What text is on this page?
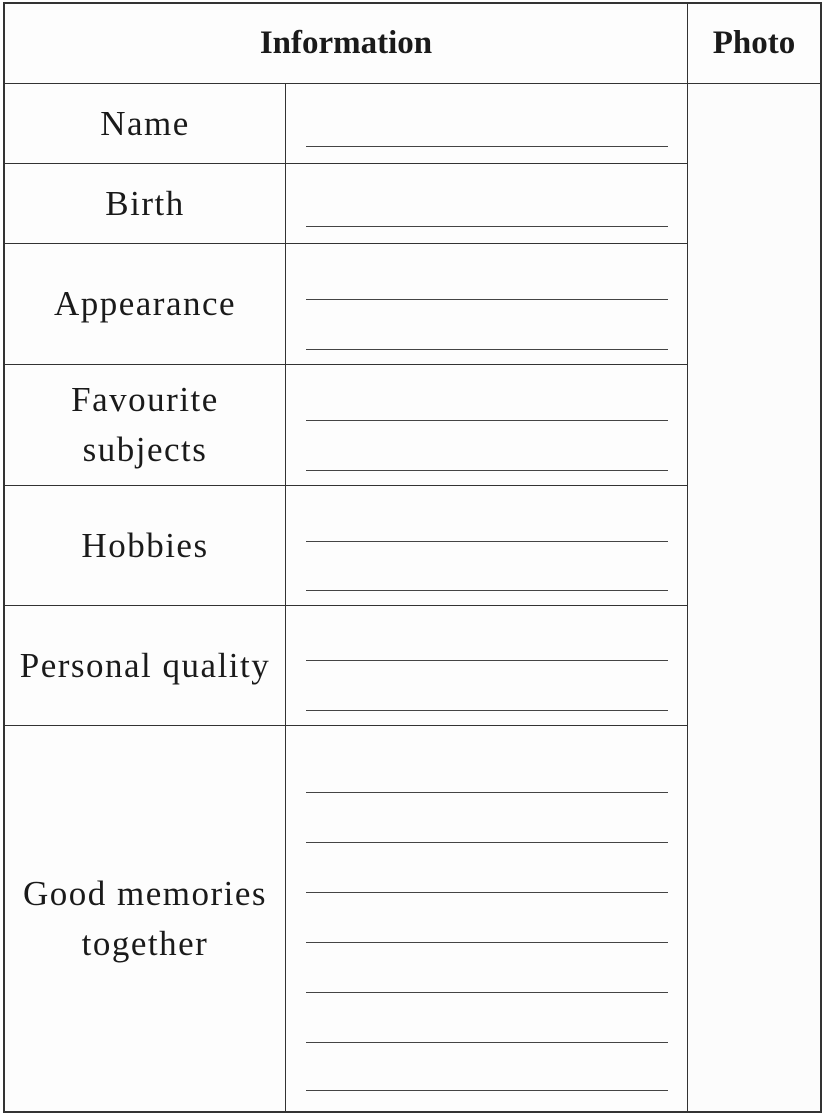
Information	Photo
Name
Birth
Appearance
Favourite
subjects
Hobbies
Personal quality
Good memories
together
